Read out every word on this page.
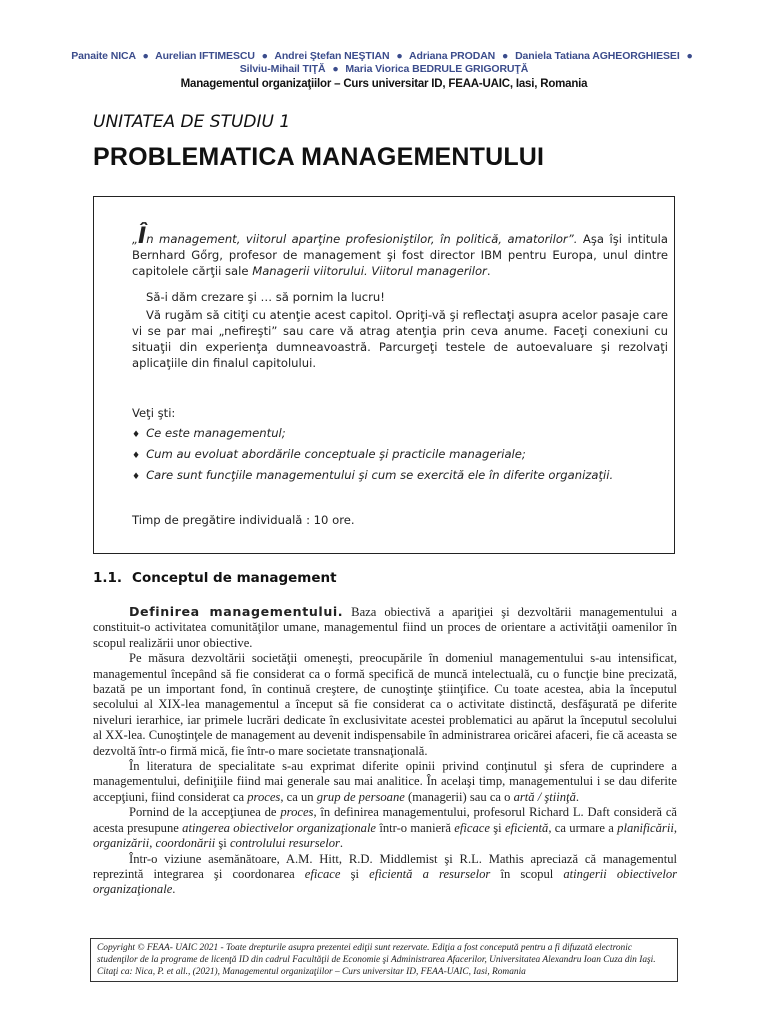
Panaite NICA ● Aurelian IFTIMESCU ● Andrei Ştefan NEŞTIAN ● Adriana PRODAN ● Daniela Tatiana AGHEORGHIESEI ●
Silviu-Mihail TIŢĂ ● Maria Viorica BEDRULE GRIGORUŢĂ
Managementul organizaţiilor – Curs universitar ID, FEAA-UAIC, Iasi, Romania
UNITATEA DE STUDIU 1
PROBLEMATICA MANAGEMENTULUI
„În management, viitorul aparţine profesioniştilor, în politică, amatorilor”. Aşa îşi intitula Bernhard Gőrg, profesor de management şi fost director IBM pentru Europa, unul dintre capitolele cărţii sale Managerii viitorului. Viitorul managerilor.
Să-i dăm crezare şi … să pornim la lucru!
Vă rugăm să citiţi cu atenţie acest capitol. Opriţi-vă şi reflectaţi asupra acelor pasaje care vi se par mai „nefireşti” sau care vă atrag atenţia prin ceva anume. Faceţi conexiuni cu situaţii din experienţa dumneavoastră. Parcurgeţi testele de autoevaluare şi rezolvaţi aplicaţiile din finalul capitolului.
Veţi şti:
♦ Ce este managementul;
♦ Cum au evoluat abordările conceptuale şi practicile manageriale;
♦ Care sunt funcţiile managementului şi cum se exercită ele în diferite organizaţii.
Timp de pregătire individuală : 10 ore.
1.1. Conceptul de management

Definirea managementului. Baza obiectivă a apariţiei şi dezvoltării managementului a constituit-o activitatea comunităţilor umane, managementul fiind un proces de orientare a activităţii oamenilor în scopul realizării unor obiective.

Pe măsura dezvoltării societăţii omeneşti, preocupările în domeniul managementului s-au intensificat, managementul începând să fie considerat ca o formă specifică de muncă intelectuală, cu o funcţie bine precizată, bazată pe un important fond, în continuă creştere, de cunoştinţe ştiinţifice. Cu toate acestea, abia la începutul secolului al XIX-lea managementul a început să fie considerat ca o activitate distinctă, desfăşurată pe diferite niveluri ierarhice, iar primele lucrări dedicate în exclusivitate acestei problematici au apărut la începutul secolului al XX-lea. Cunoştinţele de management au devenit indispensabile în administrarea oricărei afaceri, fie că aceasta se dezvoltă într-o firmă mică, fie într-o mare societate transnaţională.

În literatura de specialitate s-au exprimat diferite opinii privind conţinutul şi sfera de cuprindere a managementului, definiţiile fiind mai generale sau mai analitice. În acelaşi timp, managementului i se dau diferite accepţiuni, fiind considerat ca proces, ca un grup de persoane (managerii) sau ca o artă / ştiinţă.

Pornind de la accepţiunea de proces, în definirea managementului, profesorul Richard L. Daft consideră că acesta presupune atingerea obiectivelor organizaţionale într-o manieră eficace şi eficientă, ca urmare a planificării, organizării, coordonării şi controlului resurselor.

Într-o viziune asemănătoare, A.M. Hitt, R.D. Middlemist şi R.L. Mathis apreciază că managementul reprezintă integrarea şi coordonarea eficace şi eficientă a resurselor în scopul atingerii obiectivelor organizaţionale.

Copyright © FEAA- UAIC 2021 - Toate drepturile asupra prezentei ediţii sunt rezervate. Ediţia a fost concepută pentru a fi difuzată electronic studenţilor de la programe de licenţă ID din cadrul Facultăţii de Economie şi Administrarea Afacerilor, Universitatea Alexandru Ioan Cuza din Iaşi. Citaţi ca: Nica, P. et all., (2021), Managementul organizaţiilor – Curs universitar ID, FEAA-UAIC, Iasi, Romania
